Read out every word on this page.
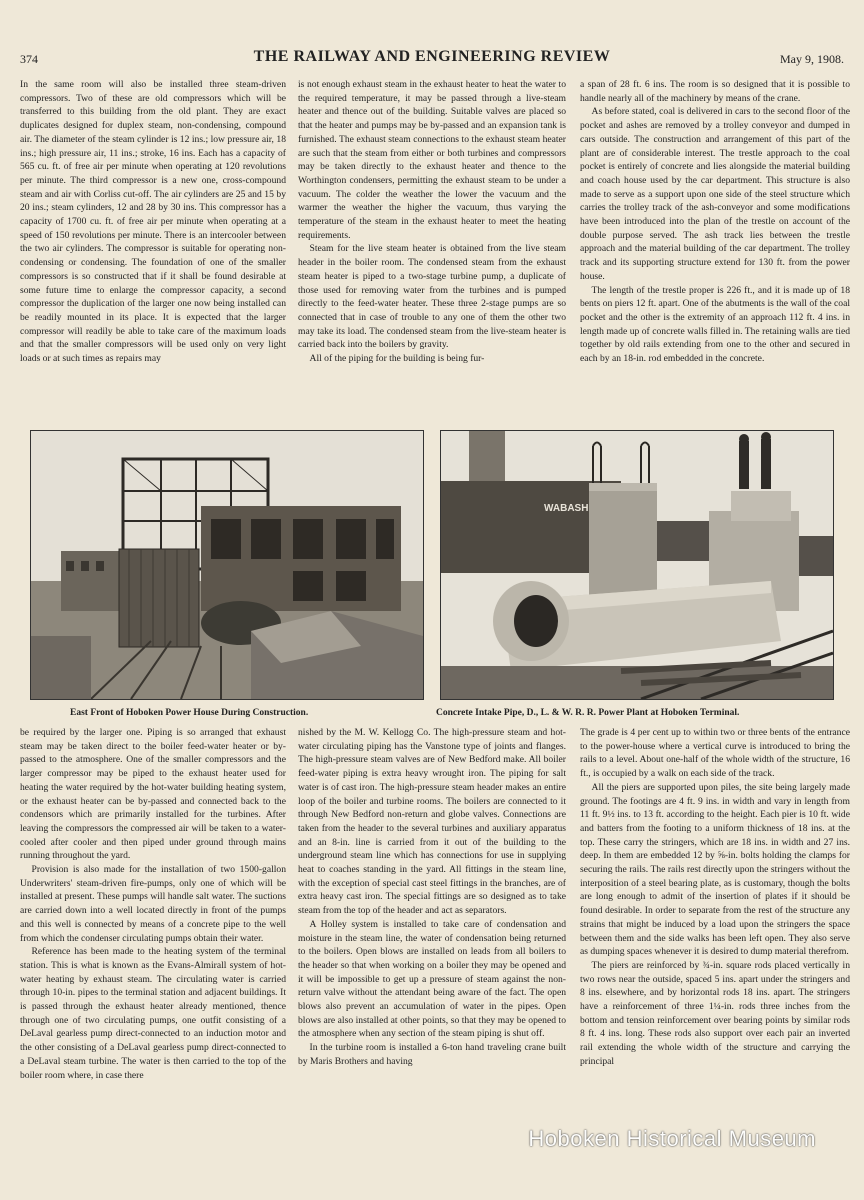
374	THE RAILWAY AND ENGINEERING REVIEW	May 9, 1908.

In the same room will also be installed three steam-driven compressors. Two of these are old compressors which will be transferred to this building from the old plant. They are exact duplicates designed for duplex steam, non-condensing, compound air. The diameter of the steam cylinder is 12 ins.; low pressure air, 18 ins.; high pressure air, 11 ins.; stroke, 16 ins. Each has a capacity of 565 cu. ft. of free air per minute when operating at 120 revolutions per minute. The third compressor is a new one, cross-compound steam and air with Corliss cut-off. The air cylinders are 25 and 15 by 20 ins.; steam cylinders, 12 and 28 by 30 ins. This compressor has a capacity of 1700 cu. ft. of free air per minute when operating at a speed of 150 revolutions per minute. There is an intercooler between the two air cylinders. The compressor is suitable for operating non-condensing or condensing. The foundation of one of the smaller compressors is so constructed that if it shall be found desirable at some future time to enlarge the compressor capacity, a second compressor the duplication of the larger one now being installed can be readily mounted in its place. It is expected that the larger compressor will readily be able to take care of the maximum loads and that the smaller compressors will be used only on very light loads or at such times as repairs may

is not enough exhaust steam in the exhaust heater to heat the water to the required temperature, it may be passed through a live-steam heater and thence out of the building. Suitable valves are placed so that the heater and pumps may be by-passed and an expansion tank is furnished. The exhaust steam connections to the exhaust steam heater are such that the steam from either or both turbines and compressors may be taken directly to the exhaust heater and thence to the Worthington condensers, permitting the exhaust steam to be under a vacuum. The colder the weather the lower the vacuum and the warmer the weather the higher the vacuum, thus varying the temperature of the steam in the exhaust heater to meet the heating requirements.

Steam for the live steam heater is obtained from the live steam header in the boiler room. The condensed steam from the exhaust steam heater is piped to a two-stage turbine pump, a duplicate of those used for removing water from the turbines and is pumped directly to the feed-water heater. These three 2-stage pumps are so connected that in case of trouble to any one of them the other two may take its load. The condensed steam from the live-steam heater is carried back into the boilers by gravity.

All of the piping for the building is being fur-

a span of 28 ft. 6 ins. The room is so designed that it is possible to handle nearly all of the machinery by means of the crane.

As before stated, coal is delivered in cars to the second floor of the pocket and ashes are removed by a trolley conveyor and dumped in cars outside. The construction and arrangement of this part of the plant are of considerable interest. The trestle approach to the coal pocket is entirely of concrete and lies alongside the material building and coach house used by the car department. This structure is also made to serve as a support upon one side of the steel structure which carries the trolley track of the ash-conveyor and some modifications have been introduced into the plan of the trestle on account of the double purpose served. The ash track lies between the trestle approach and the material building of the car department. The trolley track and its supporting structure extend for 130 ft. from the power house.

The length of the trestle proper is 226 ft., and it is made up of 18 bents on piers 12 ft. apart. One of the abutments is the wall of the coal pocket and the other is the extremity of an approach 112 ft. 4 ins. in length made up of concrete walls filled in. The retaining walls are tied together by old rails extending from one to the other and secured in each by an 18-in. rod embedded in the concrete.

WABASH
East Front of Hoboken Power House During Construction.	Concrete Intake Pipe, D., L. & W. R. R. Power Plant at Hoboken Terminal.

be required by the larger one. Piping is so arranged that exhaust steam may be taken direct to the boiler feed-water heater or by-passed to the atmosphere. One of the smaller compressors and the larger compressor may be piped to the exhaust heater used for heating the water required by the hot-water building heating system, or the exhaust heater can be by-passed and connected back to the condensors which are primarily installed for the turbines. After leaving the compressors the compressed air will be taken to a water-cooled after cooler and then piped under ground through mains running throughout the yard.

Provision is also made for the installation of two 1500-gallon Underwriters' steam-driven fire-pumps, only one of which will be installed at present. These pumps will handle salt water. The suctions are carried down into a well located directly in front of the pumps and this well is connected by means of a concrete pipe to the well from which the condenser circulating pumps obtain their water.

Reference has been made to the heating system of the terminal station. This is what is known as the Evans-Almirall system of hot-water heating by exhaust steam. The circulating water is carried through 10-in. pipes to the terminal station and adjacent buildings. It is passed through the exhaust heater already mentioned, thence through one of two circulating pumps, one outfit consisting of a DeLaval gearless pump direct-connected to an induction motor and the other consisting of a DeLaval gearless pump direct-connected to a DeLaval steam turbine. The water is then carried to the top of the boiler room where, in case there

nished by the M. W. Kellogg Co. The high-pressure steam and hot-water circulating piping has the Vanstone type of joints and flanges. The high-pressure steam valves are of New Bedford make. All boiler feed-water piping is extra heavy wrought iron. The piping for salt water is of cast iron. The high-pressure steam header makes an entire loop of the boiler and turbine rooms. The boilers are connected to it through New Bedford non-return and globe valves. Connections are taken from the header to the several turbines and auxiliary apparatus and an 8-in. line is carried from it out of the building to the underground steam line which has connections for use in supplying heat to coaches standing in the yard. All fittings in the steam line, with the exception of special cast steel fittings in the branches, are of extra heavy cast iron. The special fittings are so designed as to take steam from the top of the header and act as separators.

A Holley system is installed to take care of condensation and moisture in the steam line, the water of condensation being returned to the boilers. Open blows are installed on leads from all boilers to the header so that when working on a boiler they may be opened and it will be impossible to get up a pressure of steam against the non-return valve without the attendant being aware of the fact. The open blows also prevent an accumulation of water in the pipes. Open blows are also installed at other points, so that they may be opened to the atmosphere when any section of the steam piping is shut off.

In the turbine room is installed a 6-ton hand traveling crane built by Maris Brothers and having

The grade is 4 per cent up to within two or three bents of the entrance to the power-house where a vertical curve is introduced to bring the rails to a level. About one-half of the whole width of the structure, 16 ft., is occupied by a walk on each side of the track.

All the piers are supported upon piles, the site being largely made ground. The footings are 4 ft. 9 ins. in width and vary in length from 11 ft. 9½ ins. to 13 ft. according to the height. Each pier is 10 ft. wide and batters from the footing to a uniform thickness of 18 ins. at the top. These carry the stringers, which are 18 ins. in width and 27 ins. deep. In them are embedded 12 by ⅝-in. bolts holding the clamps for securing the rails. The rails rest directly upon the stringers without the interposition of a steel bearing plate, as is customary, though the bolts are long enough to admit of the insertion of plates if it should be found desirable. In order to separate from the rest of the structure any strains that might be induced by a load upon the stringers the space between them and the side walks has been left open. They also serve as dumping spaces whenever it is desired to dump material therefrom.

The piers are reinforced by ¾-in. square rods placed vertically in two rows near the outside, spaced 5 ins. apart under the stringers and 8 ins. elsewhere, and by horizontal rods 18 ins. apart. The stringers have a reinforcement of three 1¼-in. rods three inches from the bottom and tension reinforcement over bearing points by similar rods 8 ft. 4 ins. long. These rods also support over each pair an inverted rail extending the whole width of the structure and carrying the principal

Hoboken Historical Museum
